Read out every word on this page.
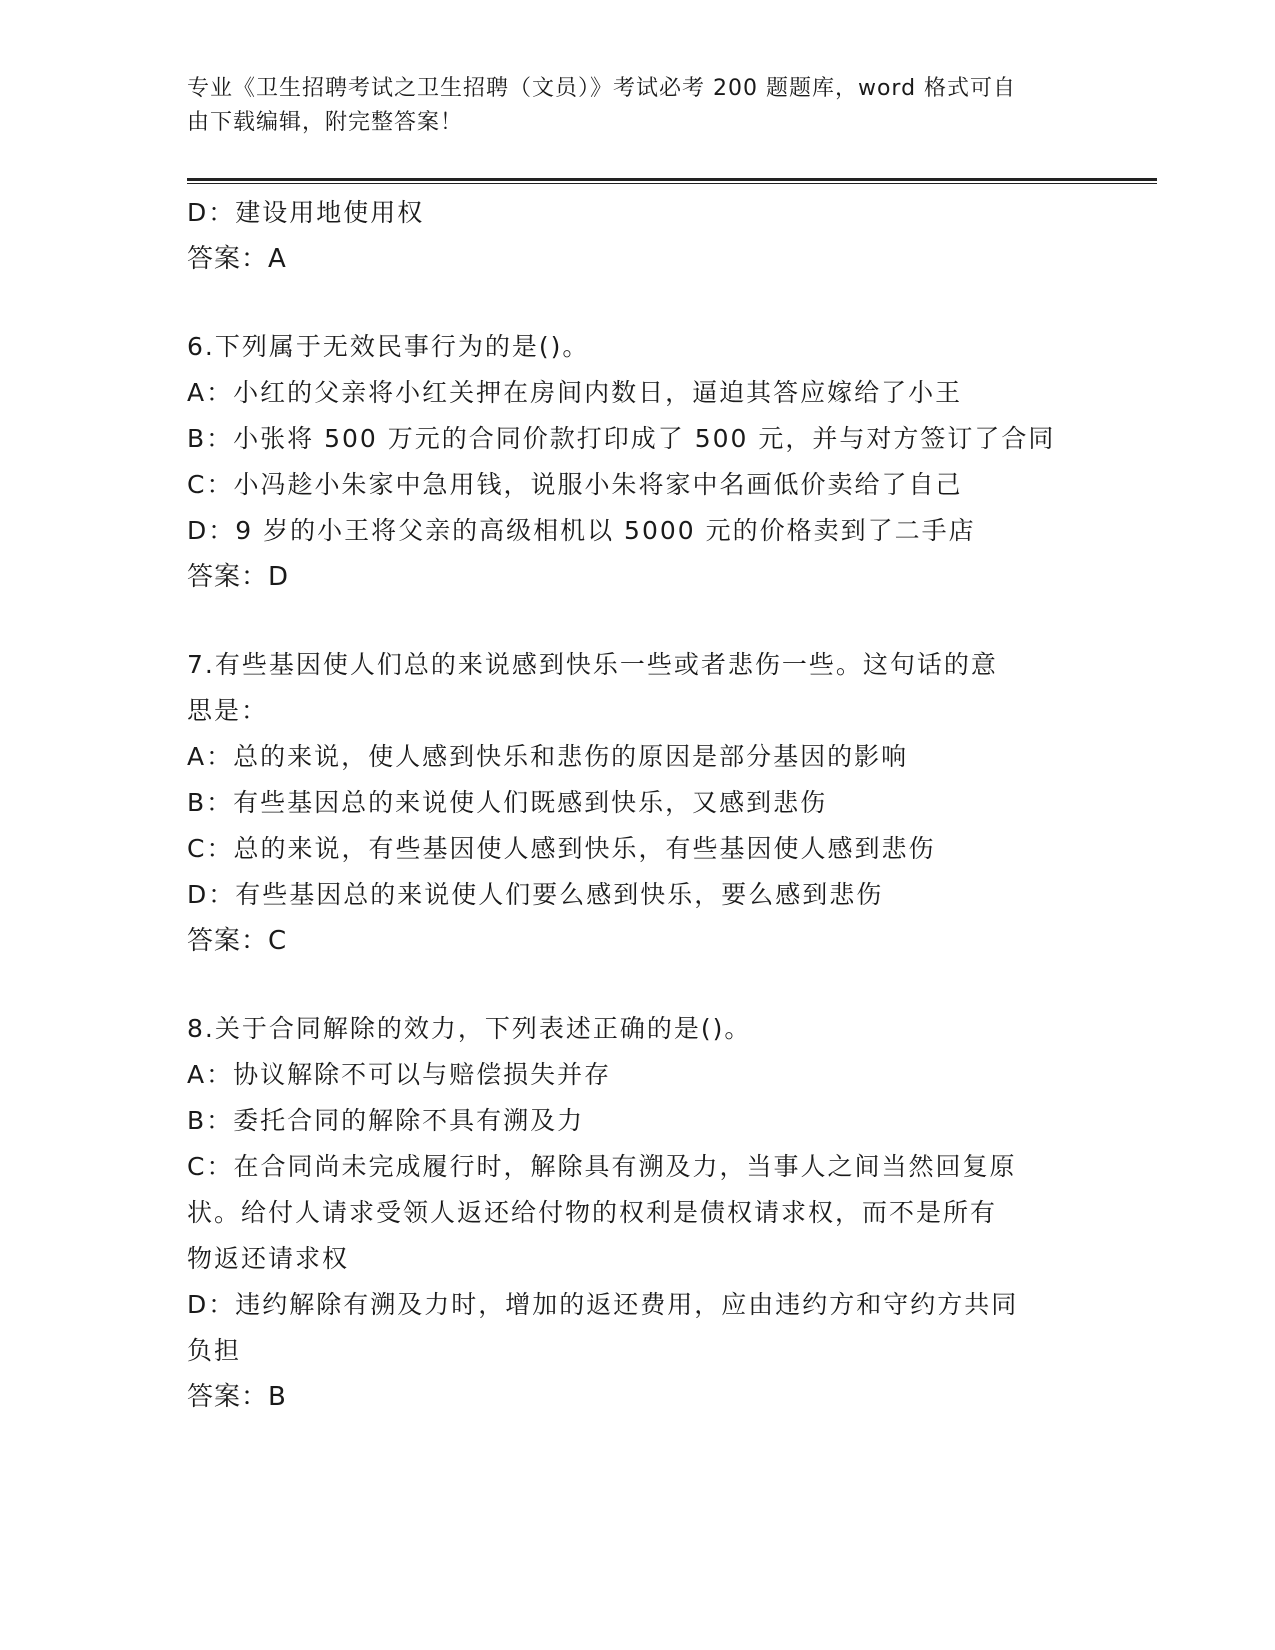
专业《卫生招聘考试之卫生招聘（文员）》考试必考 200 题题库，word 格式可自
由下载编辑，附完整答案！
D：建设用地使用权
答案：A
6.下列属于无效民事行为的是()。
A：小红的父亲将小红关押在房间内数日，逼迫其答应嫁给了小王
B：小张将 500 万元的合同价款打印成了 500 元，并与对方签订了合同
C：小冯趁小朱家中急用钱，说服小朱将家中名画低价卖给了自己
D：9 岁的小王将父亲的高级相机以 5000 元的价格卖到了二手店
答案：D
7.有些基因使人们总的来说感到快乐一些或者悲伤一些。这句话的意
思是：
A：总的来说，使人感到快乐和悲伤的原因是部分基因的影响
B：有些基因总的来说使人们既感到快乐，又感到悲伤
C：总的来说，有些基因使人感到快乐，有些基因使人感到悲伤
D：有些基因总的来说使人们要么感到快乐，要么感到悲伤
答案：C
8.关于合同解除的效力，下列表述正确的是()。
A：协议解除不可以与赔偿损失并存
B：委托合同的解除不具有溯及力
C：在合同尚未完成履行时，解除具有溯及力，当事人之间当然回复原
状。给付人请求受领人返还给付物的权利是债权请求权，而不是所有
物返还请求权
D：违约解除有溯及力时，增加的返还费用，应由违约方和守约方共同
负担
答案：B
